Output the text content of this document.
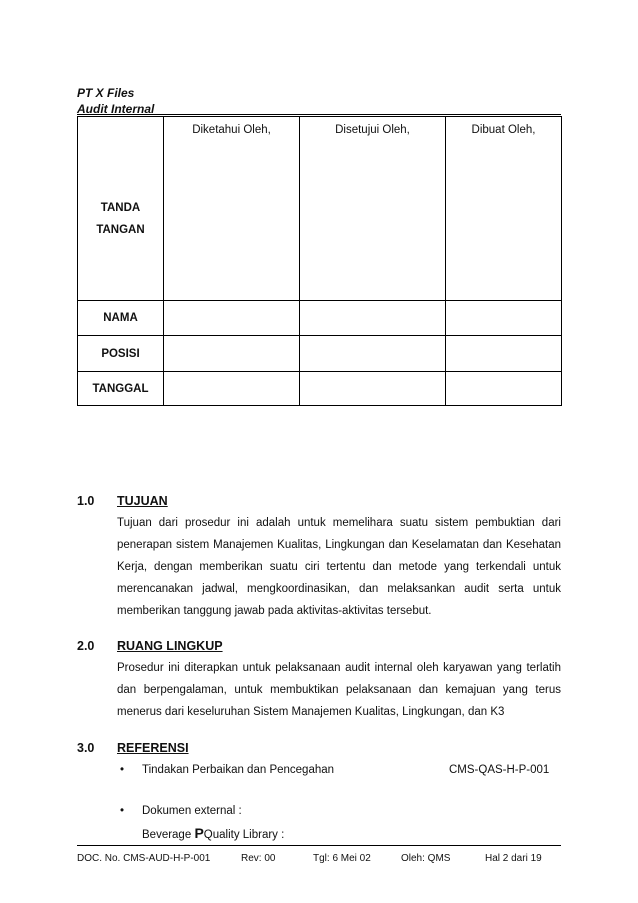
PT X Files
Audit Internal
TANDA
TANGAN	Diketahui Oleh,	Disetujui Oleh,	Dibuat Oleh,
NAMA			
POSISI			
TANGGAL			
1.0 TUJUAN
Tujuan dari prosedur ini adalah untuk memelihara suatu sistem pembuktian dari penerapan sistem Manajemen Kualitas, Lingkungan dan Keselamatan dan Kesehatan Kerja, dengan memberikan suatu ciri tertentu dan metode yang terkendali untuk merencanakan jadwal, mengkoordinasikan, dan melaksankan audit serta untuk memberikan tanggung jawab pada aktivitas-aktivitas tersebut.
2.0 RUANG LINGKUP
Prosedur ini diterapkan untuk pelaksanaan audit internal oleh karyawan yang terlatih dan berpengalaman, untuk membuktikan pelaksanaan dan kemajuan yang terus menerus dari keseluruhan Sistem Manajemen Kualitas, Lingkungan, dan K3
3.0 REFERENSI
• Tindakan Perbaikan dan Pencegahan	CMS-QAS-H-P-001
• Dokumen external :
Beverage PQuality Library :
DOC. No. CMS-AUD-H-P-001	Rev: 00	Tgl: 6 Mei 02	Oleh: QMS	Hal 2 dari 19
